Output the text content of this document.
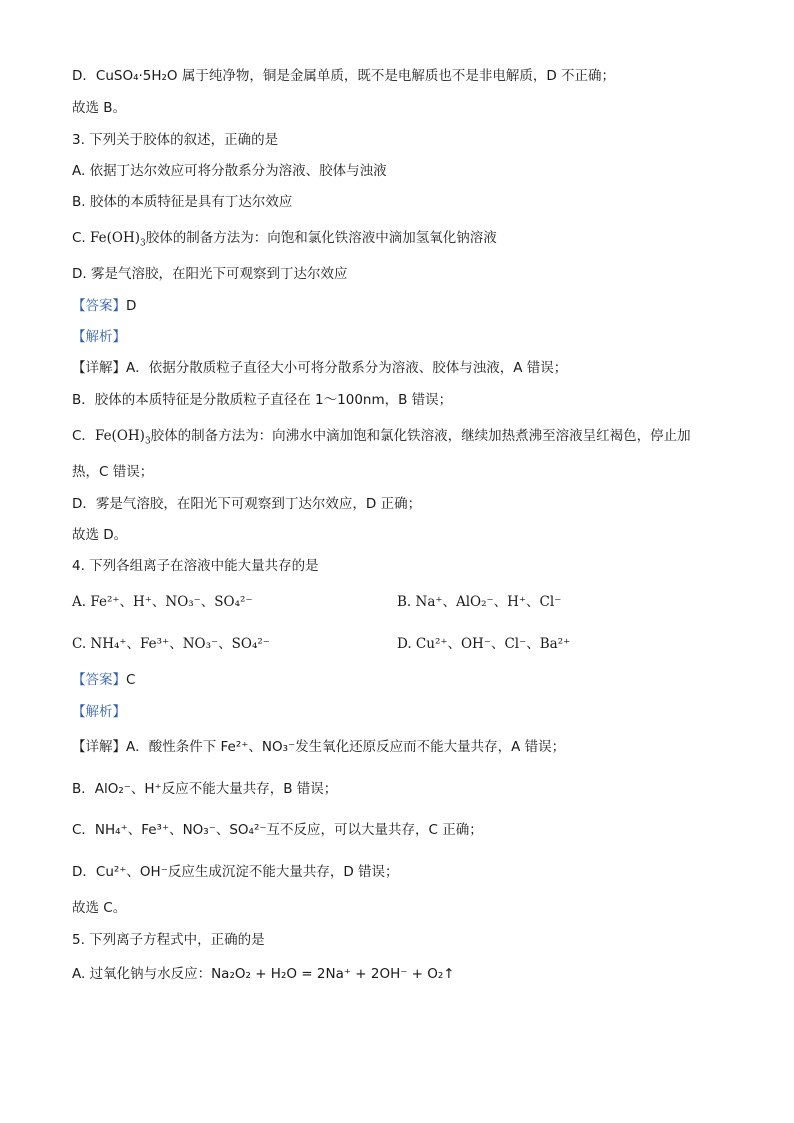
D．CuSO₄·5H₂O 属于纯净物，铜是金属单质，既不是电解质也不是非电解质，D 不正确；
故选 B。
3. 下列关于胶体的叙述，正确的是
A. 依据丁达尔效应可将分散系分为溶液、胶体与浊液
B. 胶体的本质特征是具有丁达尔效应
C. $Fe(OH)_3$胶体的制备方法为：向饱和氯化铁溶液中滴加氢氧化钠溶液
D. 雾是气溶胶，在阳光下可观察到丁达尔效应
【答案】D
【解析】
【详解】A．依据分散质粒子直径大小可将分散系分为溶液、胶体与浊液，A 错误；
B．胶体的本质特征是分散质粒子直径在 1～100nm，B 错误；
C．$Fe(OH)_3$胶体的制备方法为：向沸水中滴加饱和氯化铁溶液，继续加热煮沸至溶液呈红褐色，停止加
热，C 错误；
D．雾是气溶胶，在阳光下可观察到丁达尔效应，D 正确；
故选 D。
4. 下列各组离子在溶液中能大量共存的是
A. Fe²⁺、H⁺、NO₃⁻、SO₄²⁻	B. Na⁺、AlO₂⁻、H⁺、Cl⁻
C. NH₄⁺、Fe³⁺、NO₃⁻、SO₄²⁻	D. Cu²⁺、OH⁻、Cl⁻、Ba²⁺
【答案】C
【解析】
【详解】A．酸性条件下 Fe²⁺、NO₃⁻发生氧化还原反应而不能大量共存，A 错误；
B．AlO₂⁻、H⁺反应不能大量共存，B 错误；
C．NH₄⁺、Fe³⁺、NO₃⁻、SO₄²⁻互不反应，可以大量共存，C 正确；
D．Cu²⁺、OH⁻反应生成沉淀不能大量共存，D 错误；
故选 C。
5. 下列离子方程式中，正确的是
A. 过氧化钠与水反应：Na₂O₂ + H₂O = 2Na⁺ + 2OH⁻ + O₂↑
